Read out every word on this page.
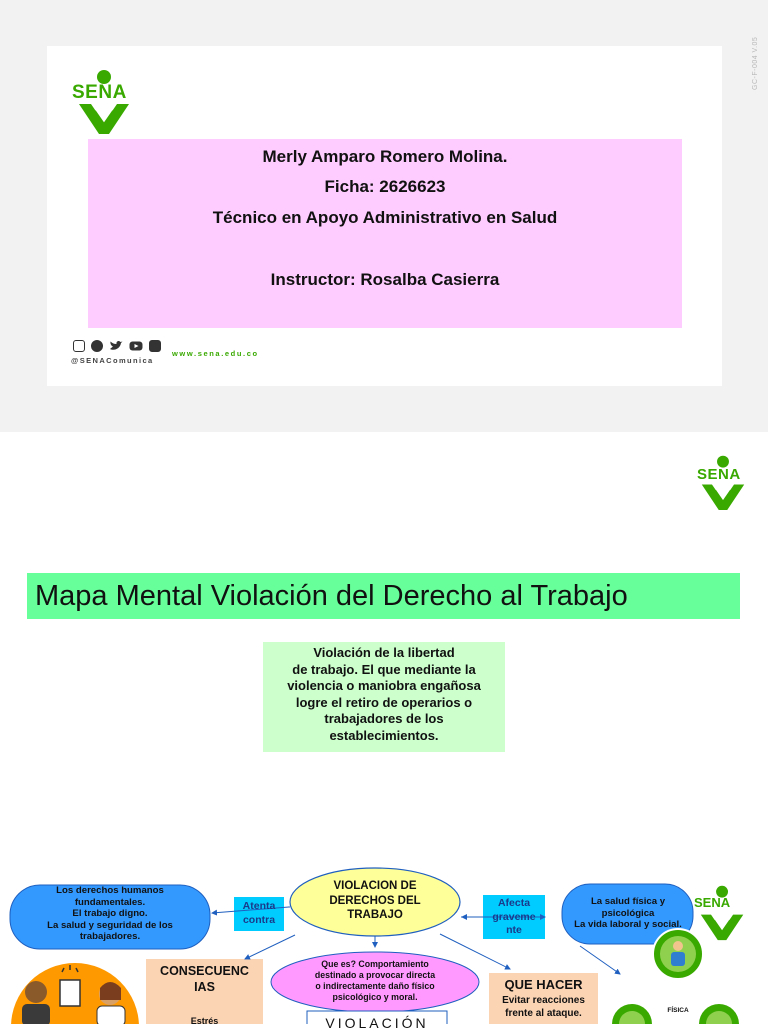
GC-F-004 V.05
SENA
Merly Amparo Romero Molina.
Ficha: 2626623
Técnico en Apoyo Administrativo en Salud
Instructor: Rosalba Casierra
@SENAComunica
www.sena.edu.co
SENA
Mapa Mental Violación del Derecho al Trabajo
Violación de la libertad
de trabajo. El que mediante la
violencia o maniobra engañosa
logre el retiro de operarios o
trabajadores de los
establecimientos.
Los derechos humanos
fundamentales.
El trabajo digno.
La salud y seguridad de los
trabajadores.
Atenta
contra
VIOLACION DE
DERECHOS DEL
TRABAJO
Afecta
graveme
nte
La salud física y
psicológica
La vida laboral y social.
Que es? Comportamiento
destinado a provocar directa
o indirectamente daño físico
psicológico y moral.
CONSECUENC
IAS
Estrés
QUE HACER
Evitar reacciones
frente al ataque.
VIOLACIÓN
FÍSICA
SENA
